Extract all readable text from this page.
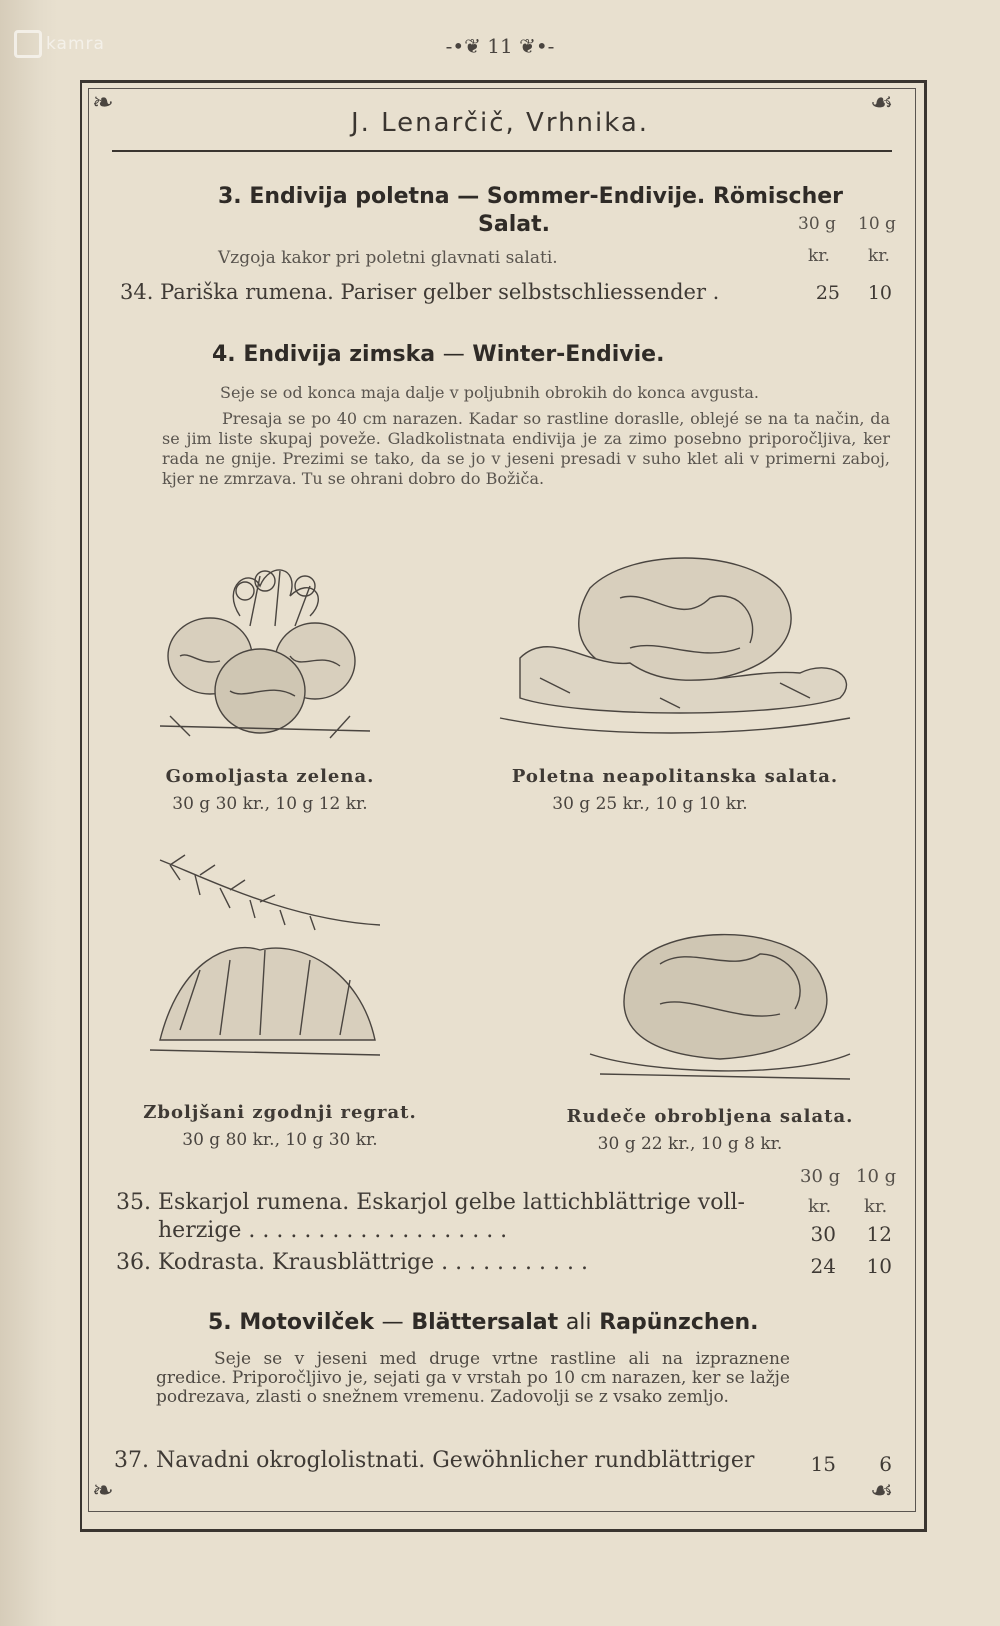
kamra	-•❦ 11 ❦•-
❧	☙
❧	☙
J. Lenarčič, Vrhnika.
3. Endivija poletna — Sommer-Endivije. Römischer
Salat.	30 g 10 g
Vzgoja kakor pri poletni glavnati salati.	kr. kr.
34. Pariška rumena. Pariser gelber selbstschliessender .	25	10
4. Endivija zimska — Winter-Endivie.
Seje se od konca maja dalje v poljubnih obrokih do konca avgusta.
Presaja se po 40 cm narazen. Kadar so rastline doraslle, oblejé se na ta način, da se jim liste skupaj poveže. Gladkolistnata endivija je za zimo posebno priporočljiva, ker rada ne gnije. Prezimi se tako, da se jo v jeseni presadi v suho klet ali v primerni zaboj, kjer ne zmrzava. Tu se ohrani dobro do Božiča.
Gomoljasta zelena.
30 g 30 kr., 10 g 12 kr.
Poletna neapolitanska salata.
30 g 25 kr., 10 g 10 kr.
Zboljšani zgodnji regrat.
30 g 80 kr., 10 g 30 kr.
Rudeče obrobljena salata.
30 g 22 kr., 10 g 8 kr.
30 g 10 g
kr. kr.
35. Eskarjol rumena. Eskarjol gelbe lattichblättrige voll-
herzige . . . . . . . . . . . . . . . . . . .	30	12
36. Kodrasta. Krausblättrige . . . . . . . . . . .	24	10
5. Motovilček — Blättersalat ali Rapünzchen.
Seje se v jeseni med druge vrtne rastline ali na izpraznene gredice. Priporočljivo je, sejati ga v vrstah po 10 cm narazen, ker se lažje podrezava, zlasti o snežnem vremenu. Zadovolji se z vsako zemljo.
37. Navadni okroglolistnati. Gewöhnlicher rundblättriger	15	6
